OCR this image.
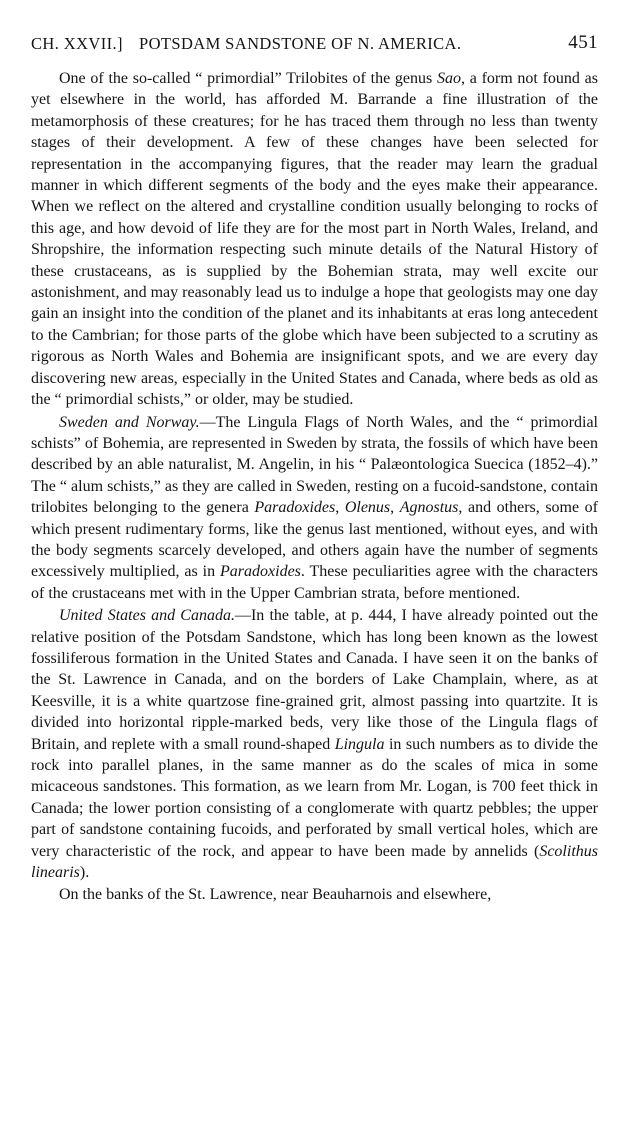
CH. XXVII.] POTSDAM SANDSTONE OF N. AMERICA.	451

One of the so-called “ primordial” Trilobites of the genus Sao, a form not found as yet elsewhere in the world, has afforded M. Barrande a fine illustration of the metamorphosis of these creatures; for he has traced them through no less than twenty stages of their development. A few of these changes have been selected for representation in the accompanying figures, that the reader may learn the gradual manner in which different segments of the body and the eyes make their appearance. When we reflect on the altered and crystalline condition usually belonging to rocks of this age, and how devoid of life they are for the most part in North Wales, Ireland, and Shropshire, the information respecting such minute details of the Natural History of these crustaceans, as is supplied by the Bohemian strata, may well excite our astonishment, and may reasonably lead us to indulge a hope that geologists may one day gain an insight into the condition of the planet and its inhabitants at eras long antecedent to the Cambrian; for those parts of the globe which have been subjected to a scrutiny as rigorous as North Wales and Bohemia are insignificant spots, and we are every day discovering new areas, especially in the United States and Canada, where beds as old as the “ primordial schists,” or older, may be studied.

Sweden and Norway.—The Lingula Flags of North Wales, and the “ primordial schists” of Bohemia, are represented in Sweden by strata, the fossils of which have been described by an able naturalist, M. Angelin, in his “ Palæontologica Suecica (1852–4).” The “ alum schists,” as they are called in Sweden, resting on a fucoid-sandstone, contain trilobites belonging to the genera Paradoxides, Olenus, Agnostus, and others, some of which present rudimentary forms, like the genus last mentioned, without eyes, and with the body segments scarcely developed, and others again have the number of segments excessively multiplied, as in Paradoxides. These peculiarities agree with the characters of the crustaceans met with in the Upper Cambrian strata, before mentioned.

United States and Canada.—In the table, at p. 444, I have already pointed out the relative position of the Potsdam Sandstone, which has long been known as the lowest fossiliferous formation in the United States and Canada. I have seen it on the banks of the St. Lawrence in Canada, and on the borders of Lake Champlain, where, as at Keesville, it is a white quartzose fine-grained grit, almost passing into quartzite. It is divided into horizontal ripple-marked beds, very like those of the Lingula flags of Britain, and replete with a small round-shaped Lingula in such numbers as to divide the rock into parallel planes, in the same manner as do the scales of mica in some micaceous sandstones. This formation, as we learn from Mr. Logan, is 700 feet thick in Canada; the lower portion consisting of a conglomerate with quartz pebbles; the upper part of sandstone containing fucoids, and perforated by small vertical holes, which are very characteristic of the rock, and appear to have been made by annelids (Scolithus linearis).

On the banks of the St. Lawrence, near Beauharnois and elsewhere,
